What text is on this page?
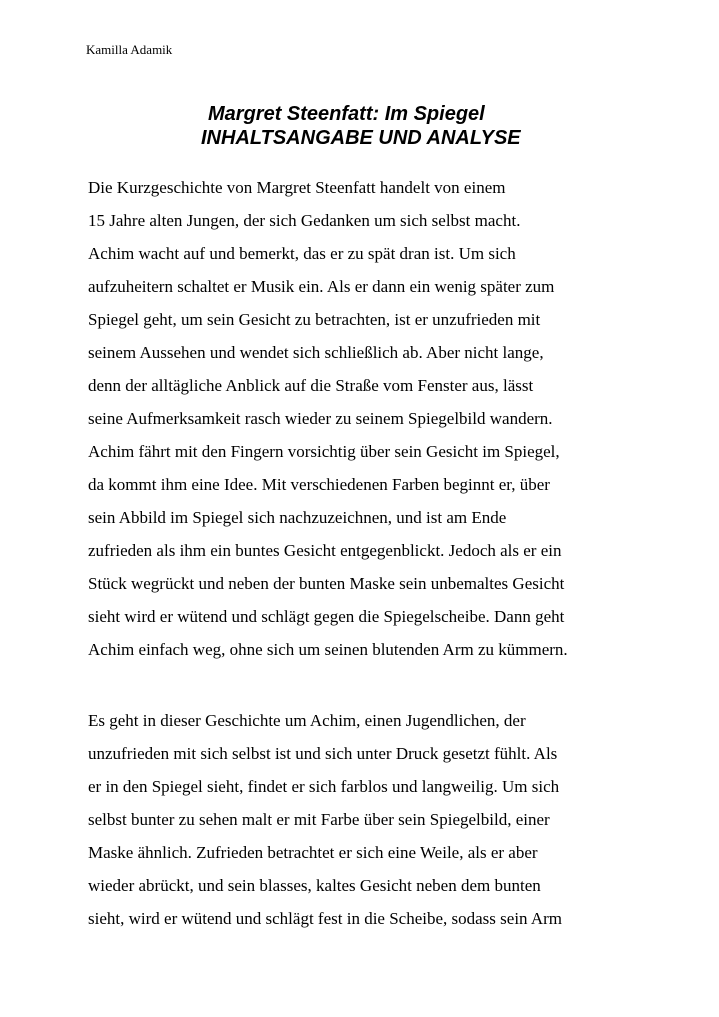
Kamilla Adamik
Margret Steenfatt: Im Spiegel
INHALTSANGABE UND ANALYSE
Die Kurzgeschichte von Margret Steenfatt handelt von einem
15 Jahre alten Jungen, der sich Gedanken um sich selbst macht.
Achim wacht auf und bemerkt, das er zu spät dran ist. Um sich
aufzuheitern schaltet er Musik ein. Als er dann ein wenig später zum
Spiegel geht, um sein Gesicht zu betrachten, ist er unzufrieden mit
seinem Aussehen und wendet sich schließlich ab. Aber nicht lange,
denn der alltägliche Anblick auf die Straße vom Fenster aus, lässt
seine Aufmerksamkeit rasch wieder zu seinem Spiegelbild wandern.
Achim fährt mit den Fingern vorsichtig über sein Gesicht im Spiegel,
da kommt ihm eine Idee. Mit verschiedenen Farben beginnt er, über
sein Abbild im Spiegel sich nachzuzeichnen, und ist am Ende
zufrieden als ihm ein buntes Gesicht entgegenblickt. Jedoch als er ein
Stück wegrückt und neben der bunten Maske sein unbemaltes Gesicht
sieht wird er wütend und schlägt gegen die Spiegelscheibe. Dann geht
Achim einfach weg, ohne sich um seinen blutenden Arm zu kümmern.
Es geht in dieser Geschichte um Achim, einen Jugendlichen, der
unzufrieden mit sich selbst ist und sich unter Druck gesetzt fühlt. Als
er in den Spiegel sieht, findet er sich farblos und langweilig. Um sich
selbst bunter zu sehen malt er mit Farbe über sein Spiegelbild, einer
Maske ähnlich. Zufrieden betrachtet er sich eine Weile, als er aber
wieder abrückt, und sein blasses, kaltes Gesicht neben dem bunten
sieht, wird er wütend und schlägt fest in die Scheibe, sodass sein Arm
